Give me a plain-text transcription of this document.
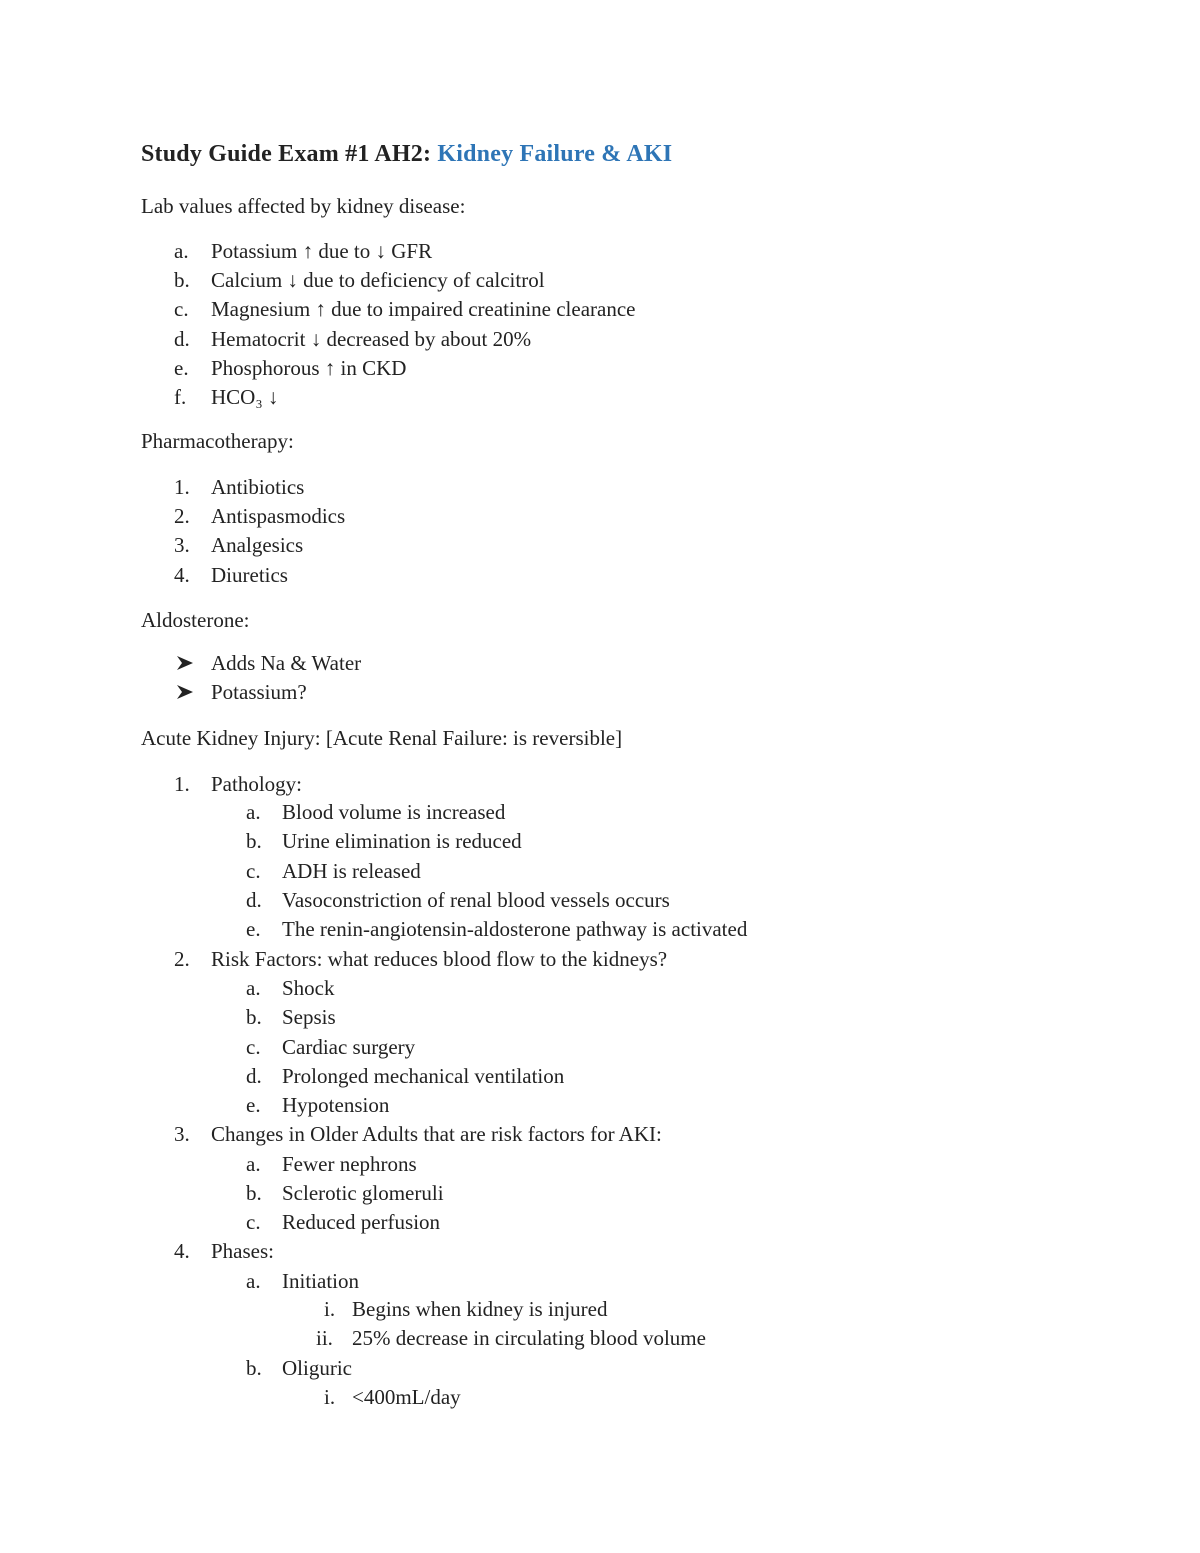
Study Guide Exam #1 AH2: Kidney Failure & AKI
Lab values affected by kidney disease:
a. Potassium ↑ due to ↓ GFR
b. Calcium ↓ due to deficiency of calcitrol
c. Magnesium ↑ due to impaired creatinine clearance
d. Hematocrit ↓ decreased by about 20%
e. Phosphorous ↑ in CKD
f. HCO₃ ↓
Pharmacotherapy:
1. Antibiotics
2. Antispasmodics
3. Analgesics
4. Diuretics
Aldosterone:
Adds Na & Water
Potassium?
Acute Kidney Injury: [Acute Renal Failure: is reversible]
1. Pathology:
a. Blood volume is increased
b. Urine elimination is reduced
c. ADH is released
d. Vasoconstriction of renal blood vessels occurs
e. The renin-angiotensin-aldosterone pathway is activated
2. Risk Factors: what reduces blood flow to the kidneys?
a. Shock
b. Sepsis
c. Cardiac surgery
d. Prolonged mechanical ventilation
e. Hypotension
3. Changes in Older Adults that are risk factors for AKI:
a. Fewer nephrons
b. Sclerotic glomeruli
c. Reduced perfusion
4. Phases:
a. Initiation
i. Begins when kidney is injured
ii. 25% decrease in circulating blood volume
b. Oliguric
i. <400mL/day
